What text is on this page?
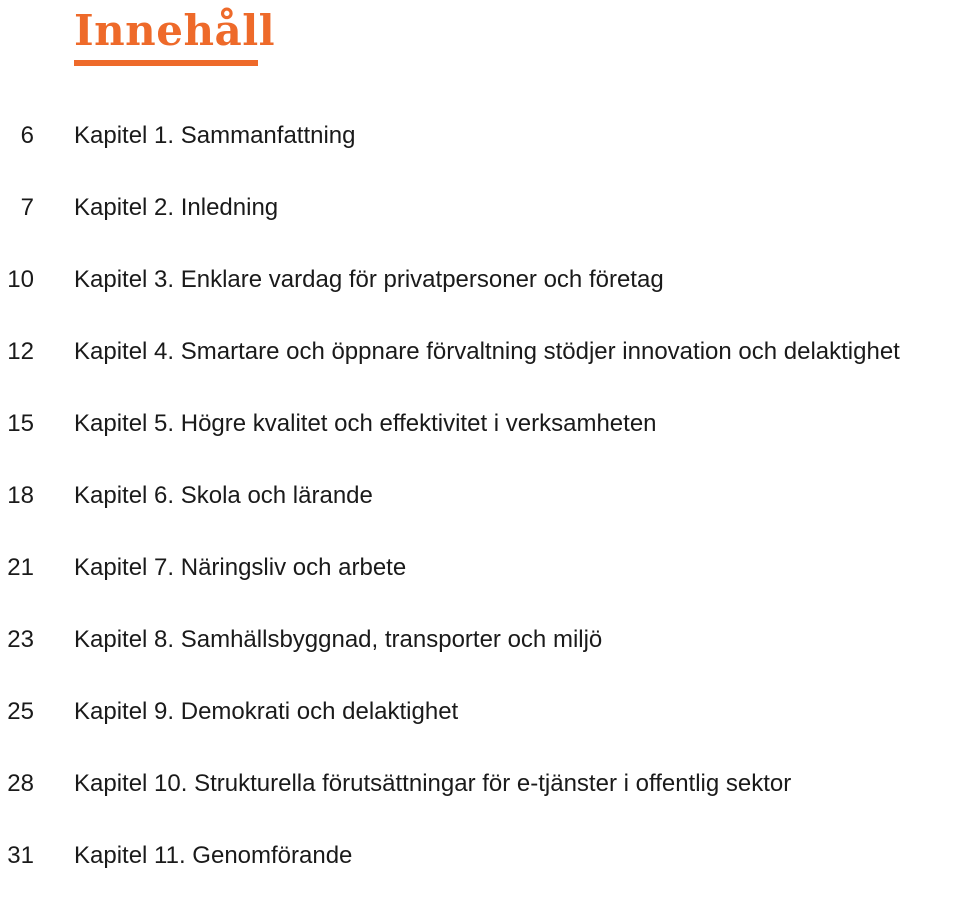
Innehåll
6 Kapitel 1. Sammanfattning
7 Kapitel 2. Inledning
10 Kapitel 3. Enklare vardag för privatpersoner och företag
12 Kapitel 4. Smartare och öppnare förvaltning stödjer innovation och delaktighet
15 Kapitel 5. Högre kvalitet och effektivitet i verksamheten
18 Kapitel 6. Skola och lärande
21 Kapitel 7. Näringsliv och arbete
23 Kapitel 8. Samhällsbyggnad, transporter och miljö
25 Kapitel 9. Demokrati och delaktighet
28 Kapitel 10. Strukturella förutsättningar för e-tjänster i offentlig sektor
31 Kapitel 11. Genomförande
